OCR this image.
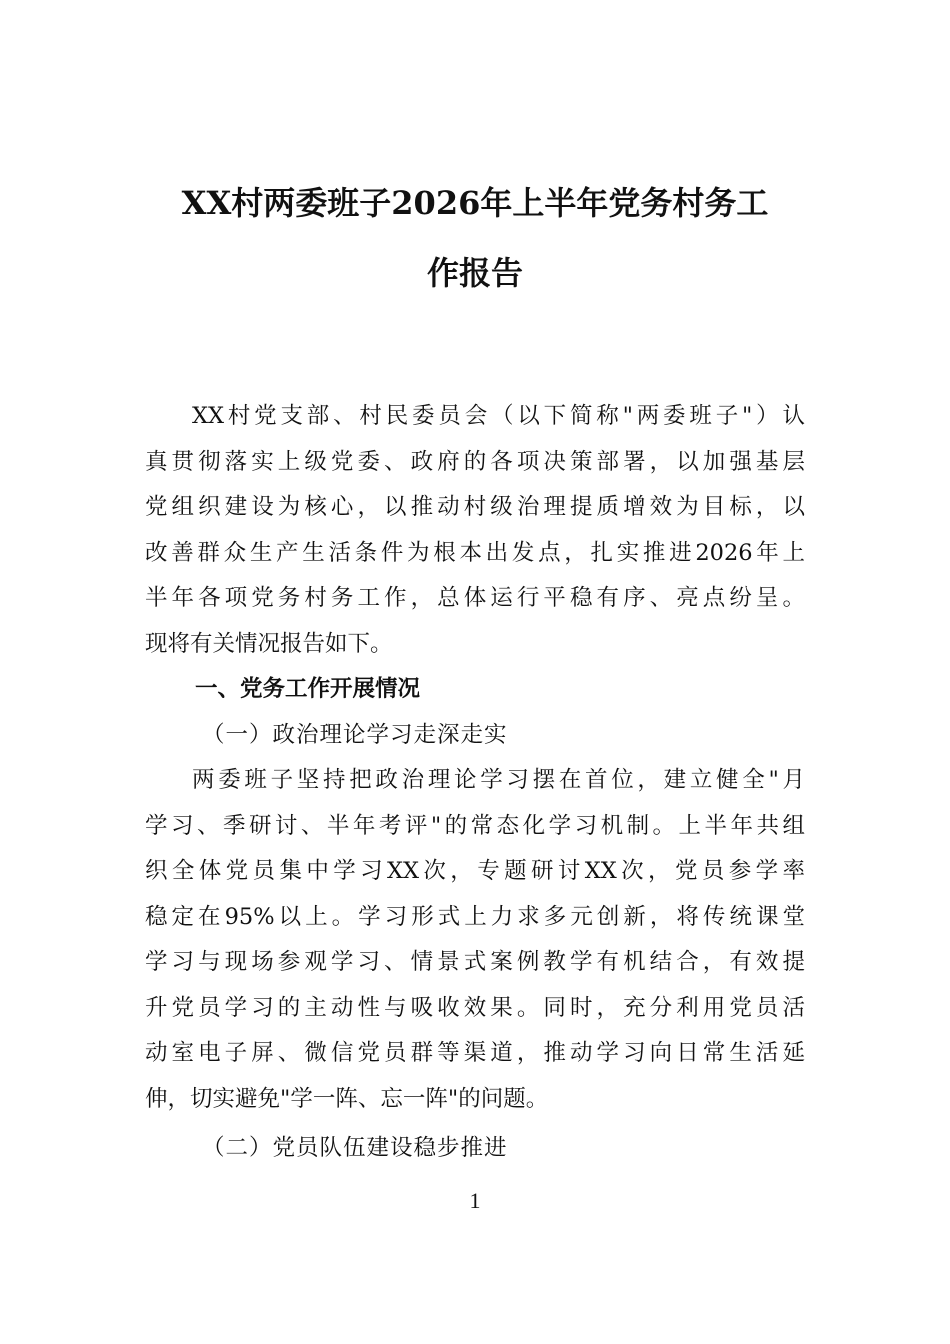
XX村两委班子2026年上半年党务村务工
作报告
XX村党支部、村民委员会（以下简称"两委班子"）认
真贯彻落实上级党委、政府的各项决策部署，以加强基层
党组织建设为核心，以推动村级治理提质增效为目标，以
改善群众生产生活条件为根本出发点，扎实推进2026年上
半年各项党务村务工作，总体运行平稳有序、亮点纷呈。
现将有关情况报告如下。
一、党务工作开展情况
（一）政治理论学习走深走实
两委班子坚持把政治理论学习摆在首位，建立健全"月
学习、季研讨、半年考评"的常态化学习机制。上半年共组
织全体党员集中学习XX次，专题研讨XX次，党员参学率
稳定在95%以上。学习形式上力求多元创新，将传统课堂
学习与现场参观学习、情景式案例教学有机结合，有效提
升党员学习的主动性与吸收效果。同时，充分利用党员活
动室电子屏、微信党员群等渠道，推动学习向日常生活延
伸，切实避免"学一阵、忘一阵"的问题。
（二）党员队伍建设稳步推进
1
